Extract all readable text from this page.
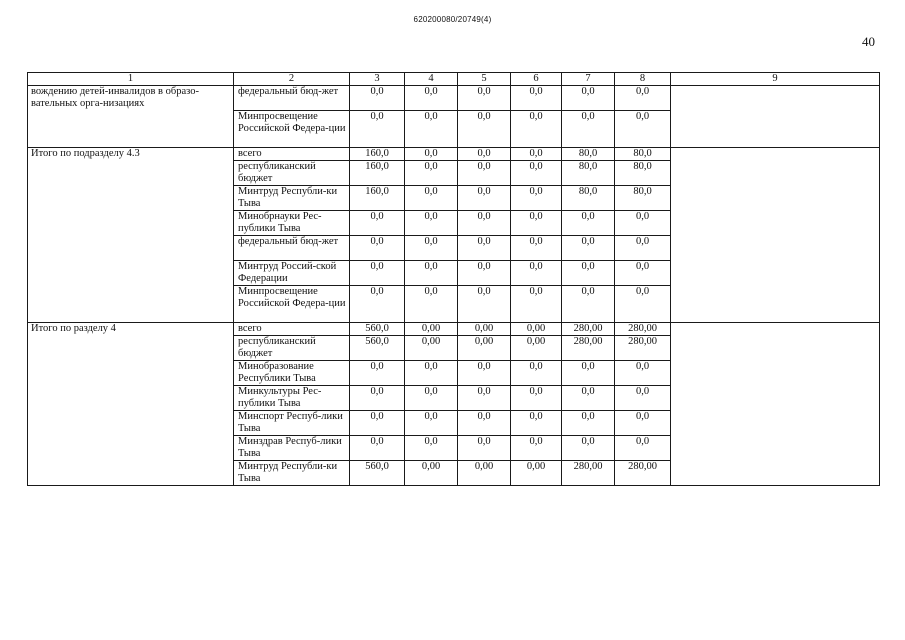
620200080/20749(4)
40
1	2	3	4	5	6	7	8	9
вождению детей-инвалидов в образо-вательных орга-низациях	федеральный бюд-жет	0,0	0,0	0,0	0,0	0,0	0,0	
	Минпросвещение Российской Федера-ции	0,0	0,0	0,0	0,0	0,0	0,0	
Итого по подразделу 4.3	всего	160,0	0,0	0,0	0,0	80,0	80,0	
	республиканский бюджет	160,0	0,0	0,0	0,0	80,0	80,0	
	Минтруд Республи-ки Тыва	160,0	0,0	0,0	0,0	80,0	80,0	
	Минобрнауки Рес-публики Тыва	0,0	0,0	0,0	0,0	0,0	0,0	
	федеральный бюд-жет	0,0	0,0	0,0	0,0	0,0	0,0	
	Минтруд Россий-ской Федерации	0,0	0,0	0,0	0,0	0,0	0,0	
	Минпросвещение Российской Федера-ции	0,0	0,0	0,0	0,0	0,0	0,0	
Итого по разделу 4	всего	560,0	0,00	0,00	0,00	280,00	280,00	
	республиканский бюджет	560,0	0,00	0,00	0,00	280,00	280,00	
	Минобразование Республики Тыва	0,0	0,0	0,0	0,0	0,0	0,0	
	Минкультуры Рес-публики Тыва	0,0	0,0	0,0	0,0	0,0	0,0	
	Минспорт Респуб-лики Тыва	0,0	0,0	0,0	0,0	0,0	0,0	
	Минздрав Респуб-лики Тыва	0,0	0,0	0,0	0,0	0,0	0,0	
	Минтруд Республи-ки Тыва	560,0	0,00	0,00	0,00	280,00	280,00	
